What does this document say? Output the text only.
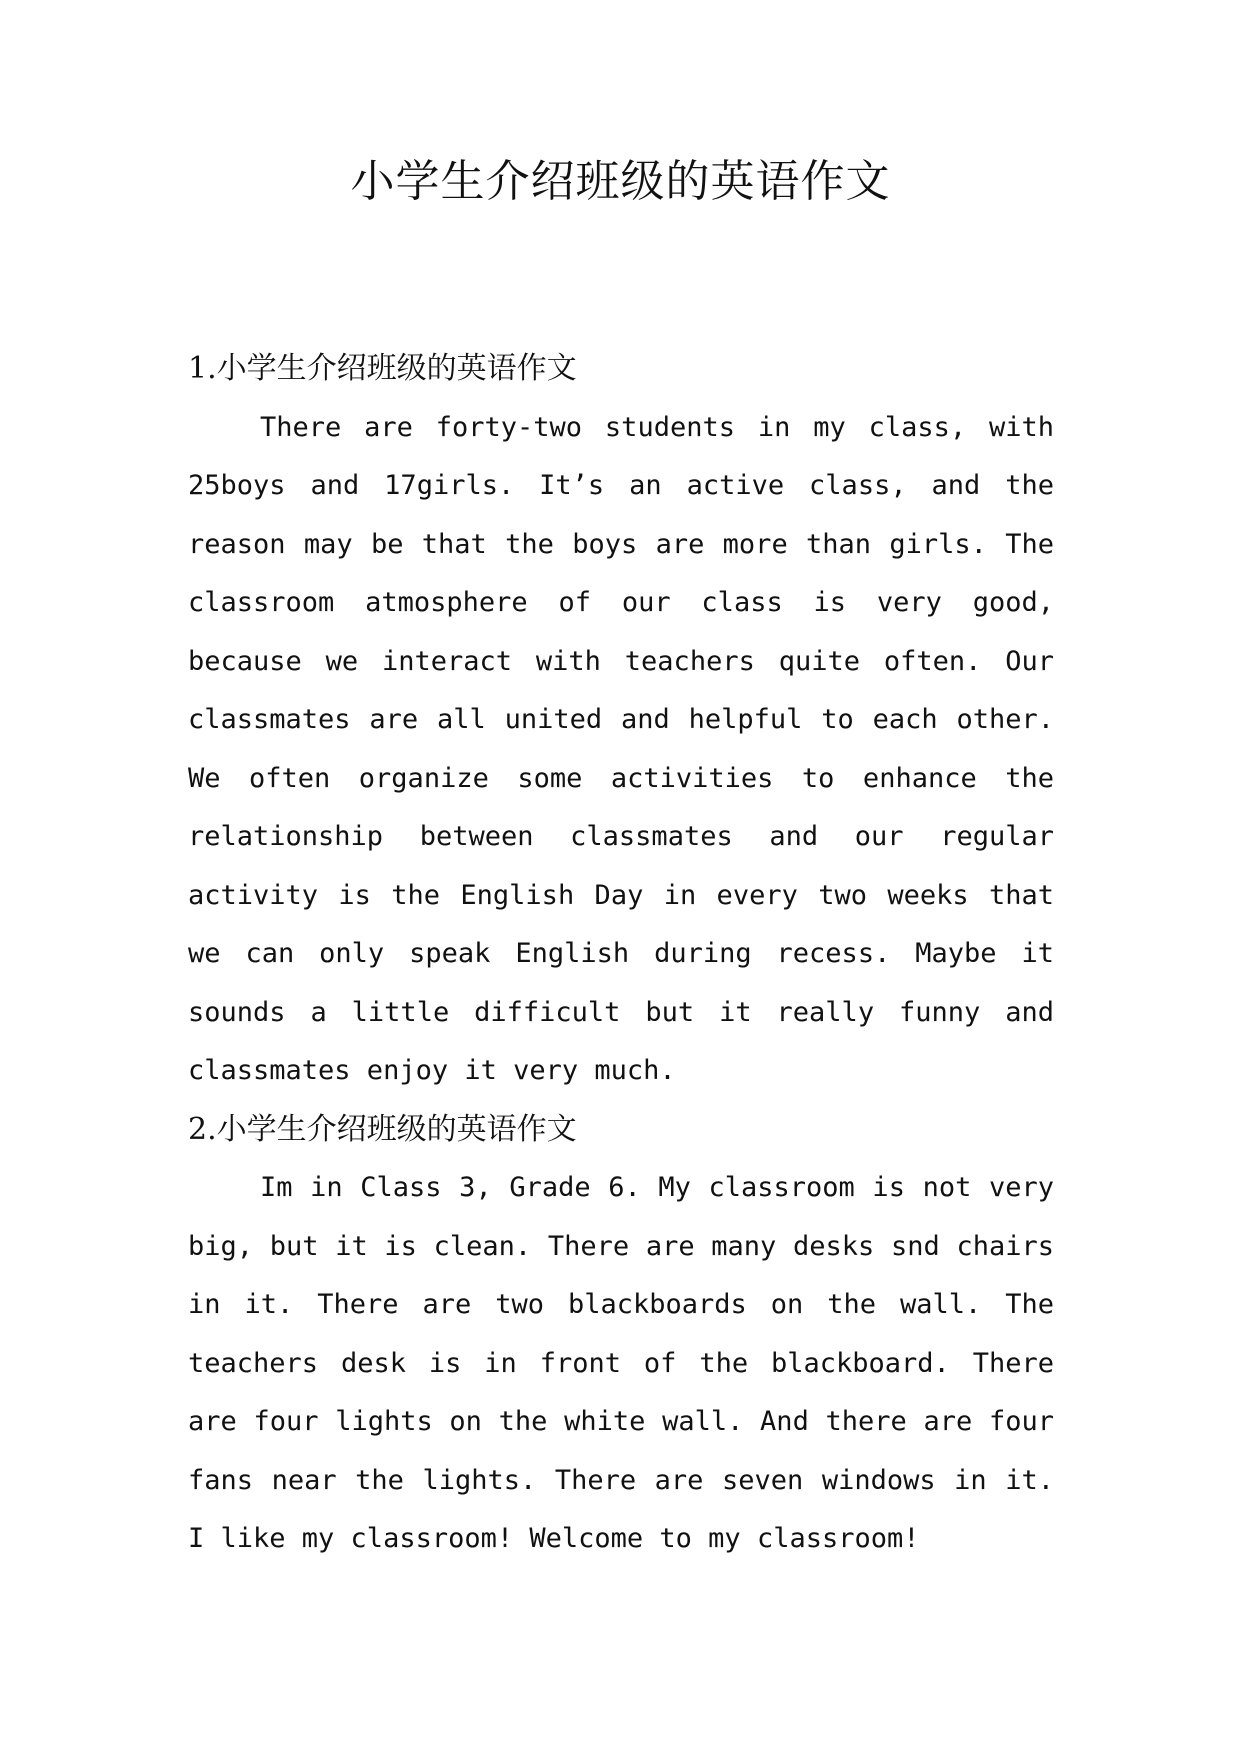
小学生介绍班级的英语作文
1.小学生介绍班级的英语作文

There are forty-two students in my class, with 25boys and 17girls. It’s an active class, and the reason may be that the boys are more than girls. The classroom atmosphere of our class is very good, because we interact with teachers quite often. Our classmates are all united and helpful to each other. We often organize some activities to enhance the relationship between classmates and our regular activity is the English Day in every two weeks that we can only speak English during recess. Maybe it sounds a little difficult but it really funny and classmates enjoy it very much.

2.小学生介绍班级的英语作文

Im in Class 3, Grade 6. My classroom is not very big, but it is clean. There are many desks snd chairs in it. There are two blackboards on the wall. The teachers desk is in front of the blackboard. There are four lights on the white wall. And there are four fans near the lights. There are seven windows in it. I like my classroom! Welcome to my classroom!
